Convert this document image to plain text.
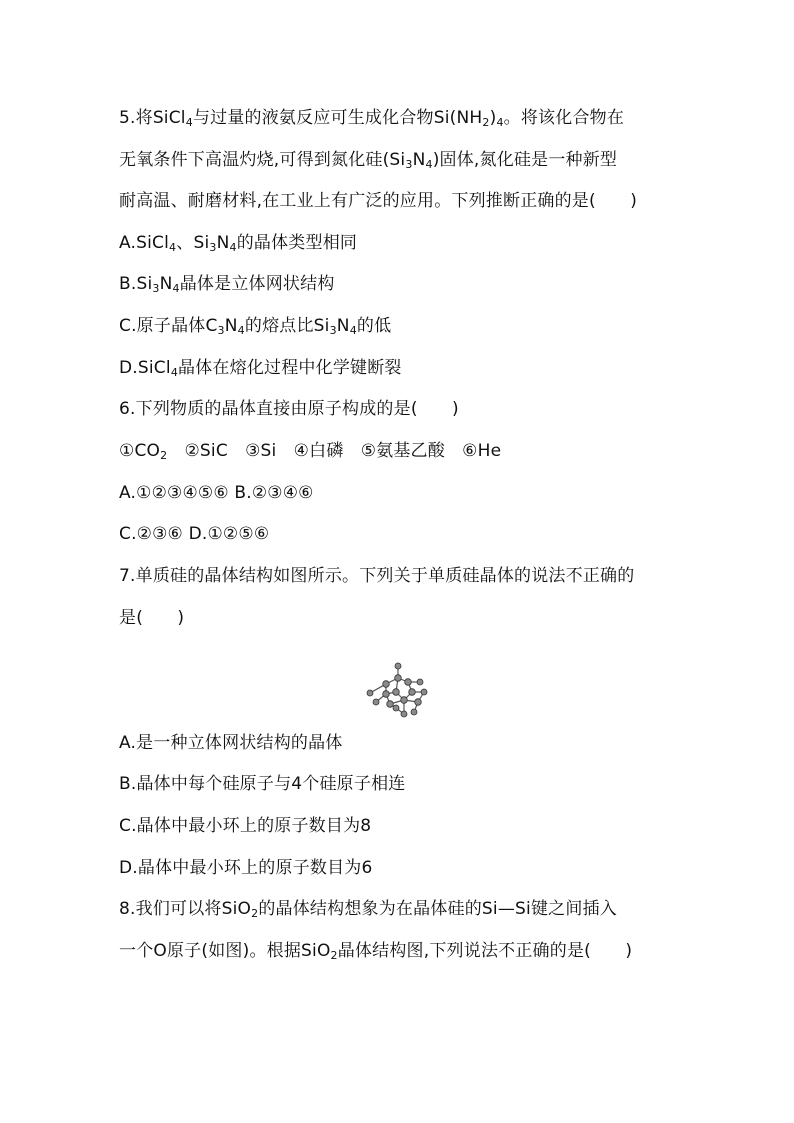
5.将SiCl$_4$与过量的液氨反应可生成化合物$Si(NH_2)_4$。将该化合物在
无氧条件下高温灼烧,可得到氮化硅$(Si_3N_4)$固体,氮化硅是一种新型
耐高温、耐磨材料,在工业上有广泛的应用。下列推断正确的是(　　)
A.SiCl$_4$、$Si_3N_4$的晶体类型相同
$B.Si_3N_4$晶体是立体网状结构
C.原子晶体$C_3N_4$的熔点比$Si_3N_4$的低
D.SiCl$_4$晶体在熔化过程中化学键断裂
6.下列物质的晶体直接由原子构成的是(　　)
$①CO_2$　②SiC　③Si　④白磷　⑤氨基乙酸　⑥He
A.①②③④⑤⑥ B.②③④⑥
C.②③⑥ D.①②⑤⑥
7.单质硅的晶体结构如图所示。下列关于单质硅晶体的说法不正确的
是(　　)
A.是一种立体网状结构的晶体
B.晶体中每个硅原子与4个硅原子相连
C.晶体中最小环上的原子数目为8
D.晶体中最小环上的原子数目为6
8.我们可以将SiO$_2$的晶体结构想象为在晶体硅的Si—Si键之间插入
一个O原子(如图)。根据SiO$_2$晶体结构图,下列说法不正确的是(　　)
